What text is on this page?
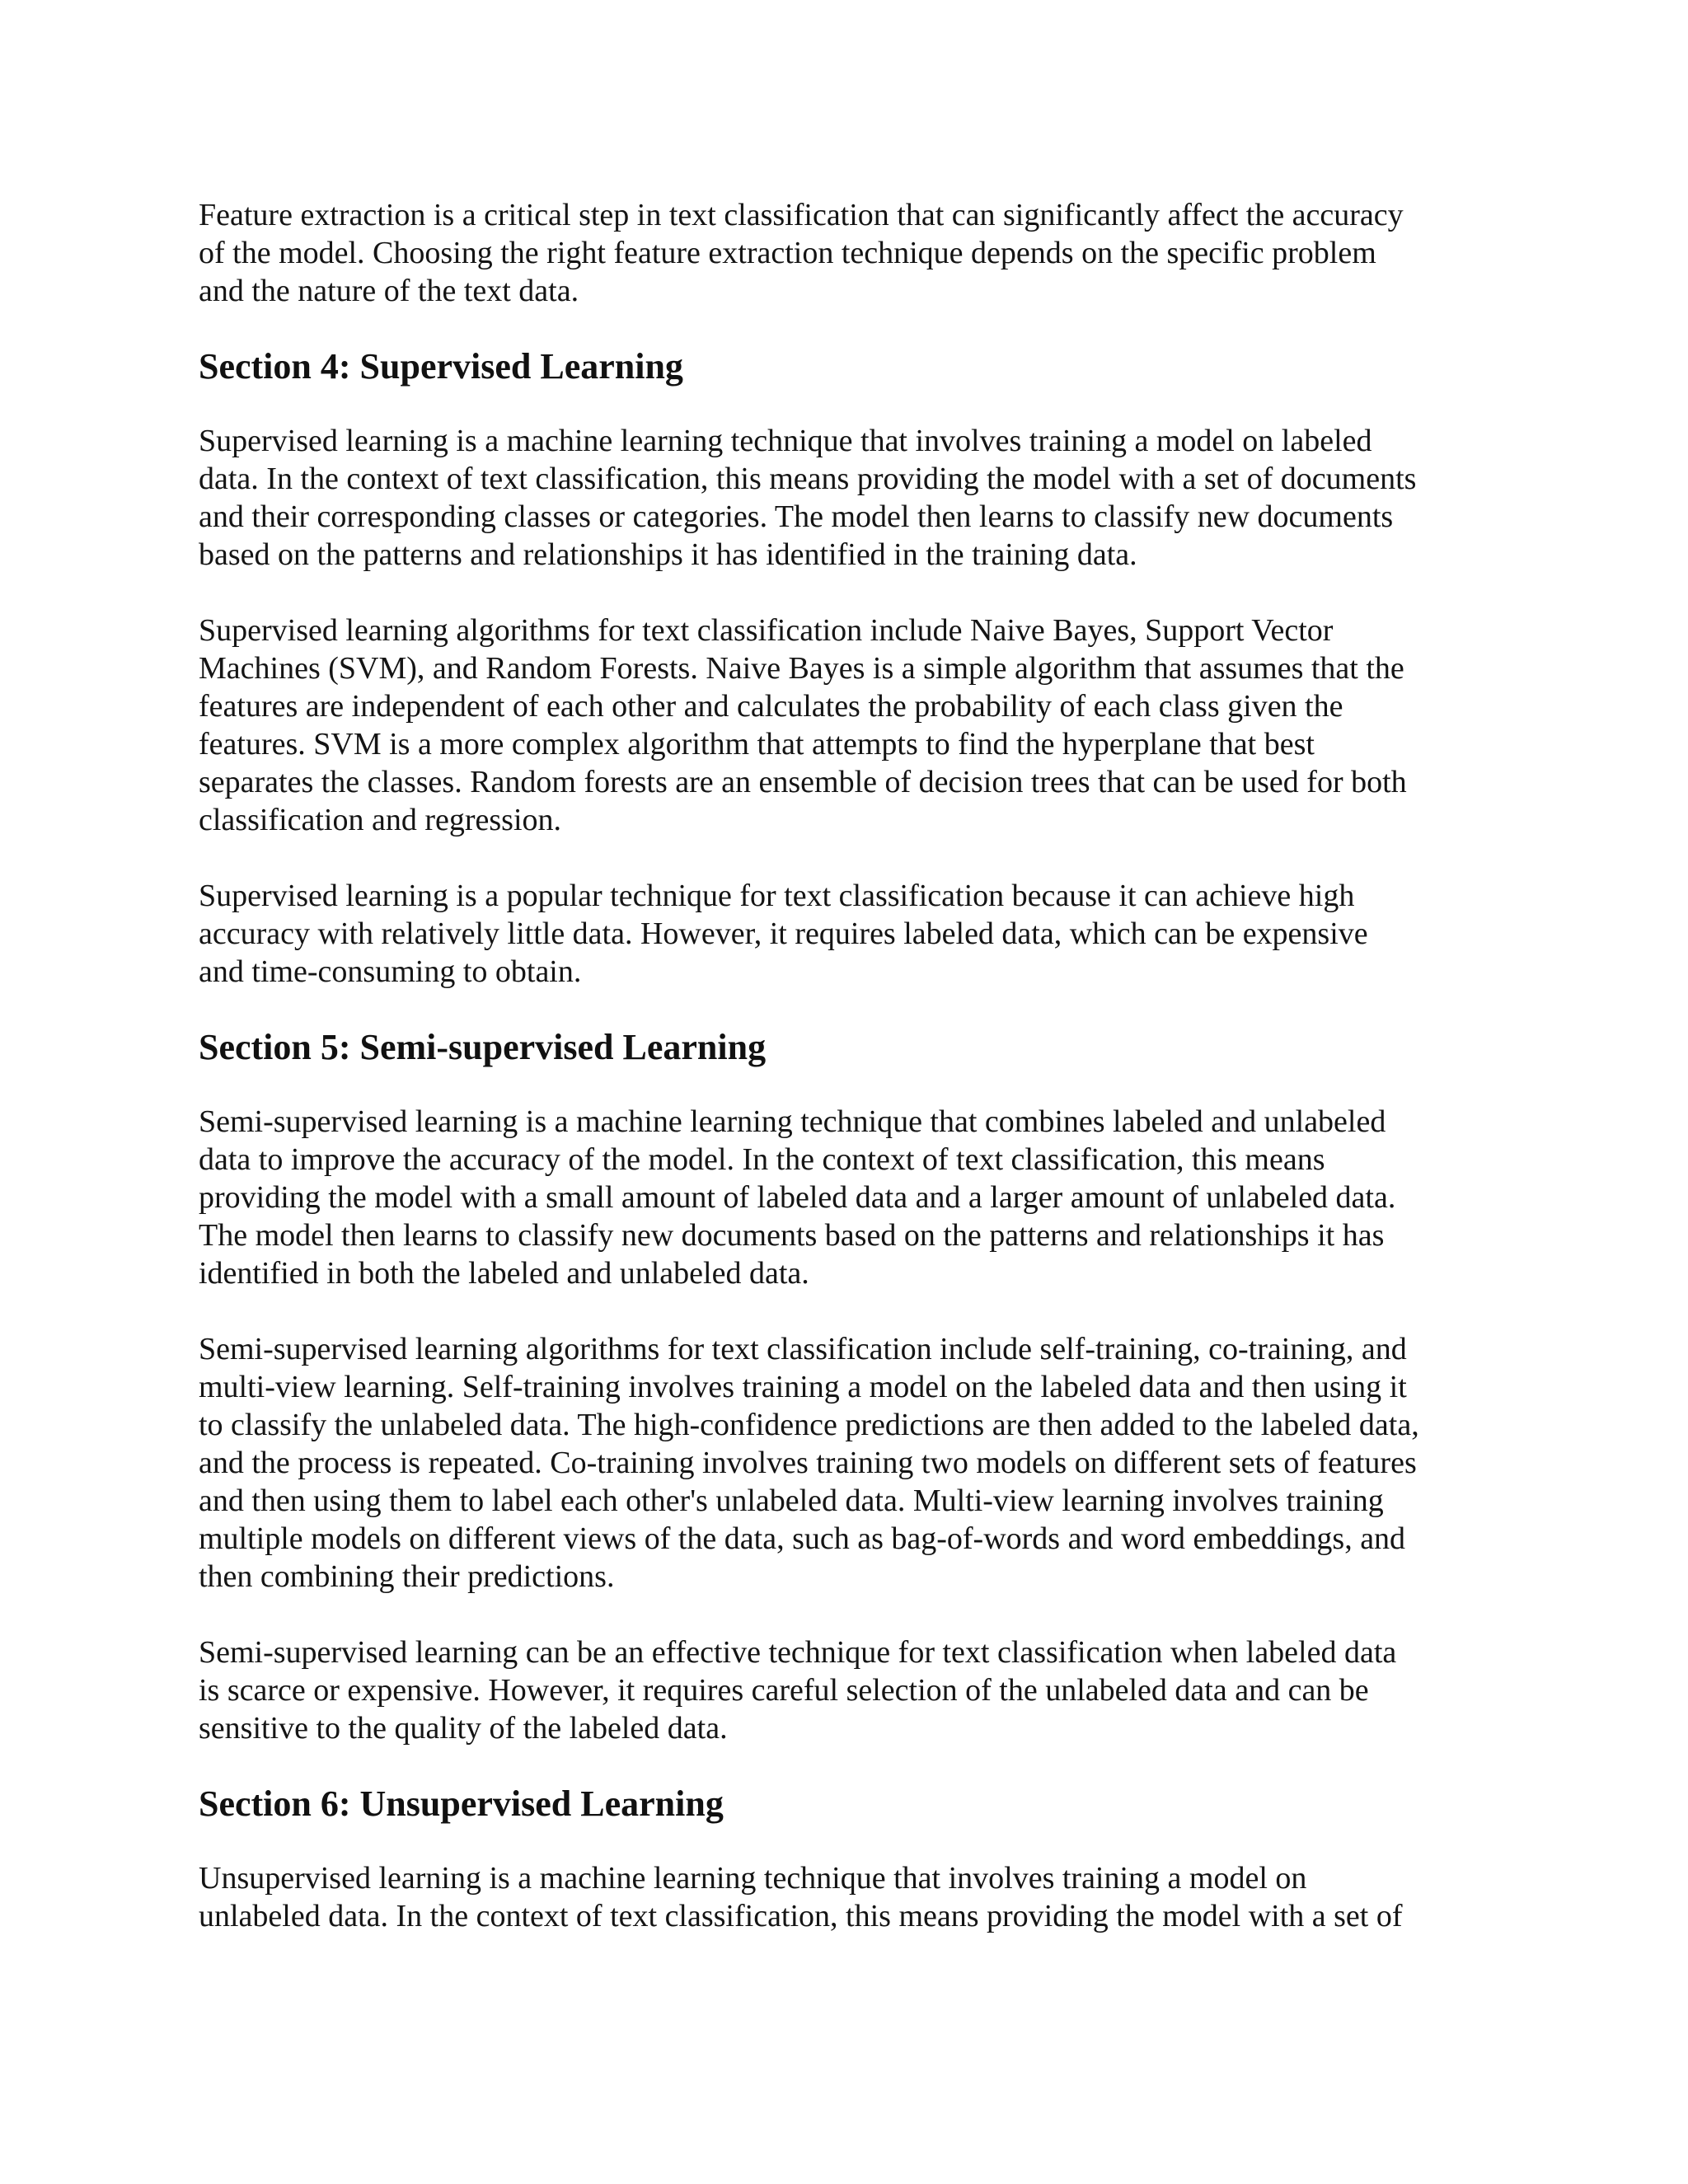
Feature extraction is a critical step in text classification that can significantly affect the accuracy
of the model. Choosing the right feature extraction technique depends on the specific problem
and the nature of the text data.

Section 4: Supervised Learning

Supervised learning is a machine learning technique that involves training a model on labeled
data. In the context of text classification, this means providing the model with a set of documents
and their corresponding classes or categories. The model then learns to classify new documents
based on the patterns and relationships it has identified in the training data.

Supervised learning algorithms for text classification include Naive Bayes, Support Vector
Machines (SVM), and Random Forests. Naive Bayes is a simple algorithm that assumes that the
features are independent of each other and calculates the probability of each class given the
features. SVM is a more complex algorithm that attempts to find the hyperplane that best
separates the classes. Random forests are an ensemble of decision trees that can be used for both
classification and regression.

Supervised learning is a popular technique for text classification because it can achieve high
accuracy with relatively little data. However, it requires labeled data, which can be expensive
and time-consuming to obtain.

Section 5: Semi-supervised Learning

Semi-supervised learning is a machine learning technique that combines labeled and unlabeled
data to improve the accuracy of the model. In the context of text classification, this means
providing the model with a small amount of labeled data and a larger amount of unlabeled data.
The model then learns to classify new documents based on the patterns and relationships it has
identified in both the labeled and unlabeled data.

Semi-supervised learning algorithms for text classification include self-training, co-training, and
multi-view learning. Self-training involves training a model on the labeled data and then using it
to classify the unlabeled data. The high-confidence predictions are then added to the labeled data,
and the process is repeated. Co-training involves training two models on different sets of features
and then using them to label each other's unlabeled data. Multi-view learning involves training
multiple models on different views of the data, such as bag-of-words and word embeddings, and
then combining their predictions.

Semi-supervised learning can be an effective technique for text classification when labeled data
is scarce or expensive. However, it requires careful selection of the unlabeled data and can be
sensitive to the quality of the labeled data.

Section 6: Unsupervised Learning

Unsupervised learning is a machine learning technique that involves training a model on
unlabeled data. In the context of text classification, this means providing the model with a set of
